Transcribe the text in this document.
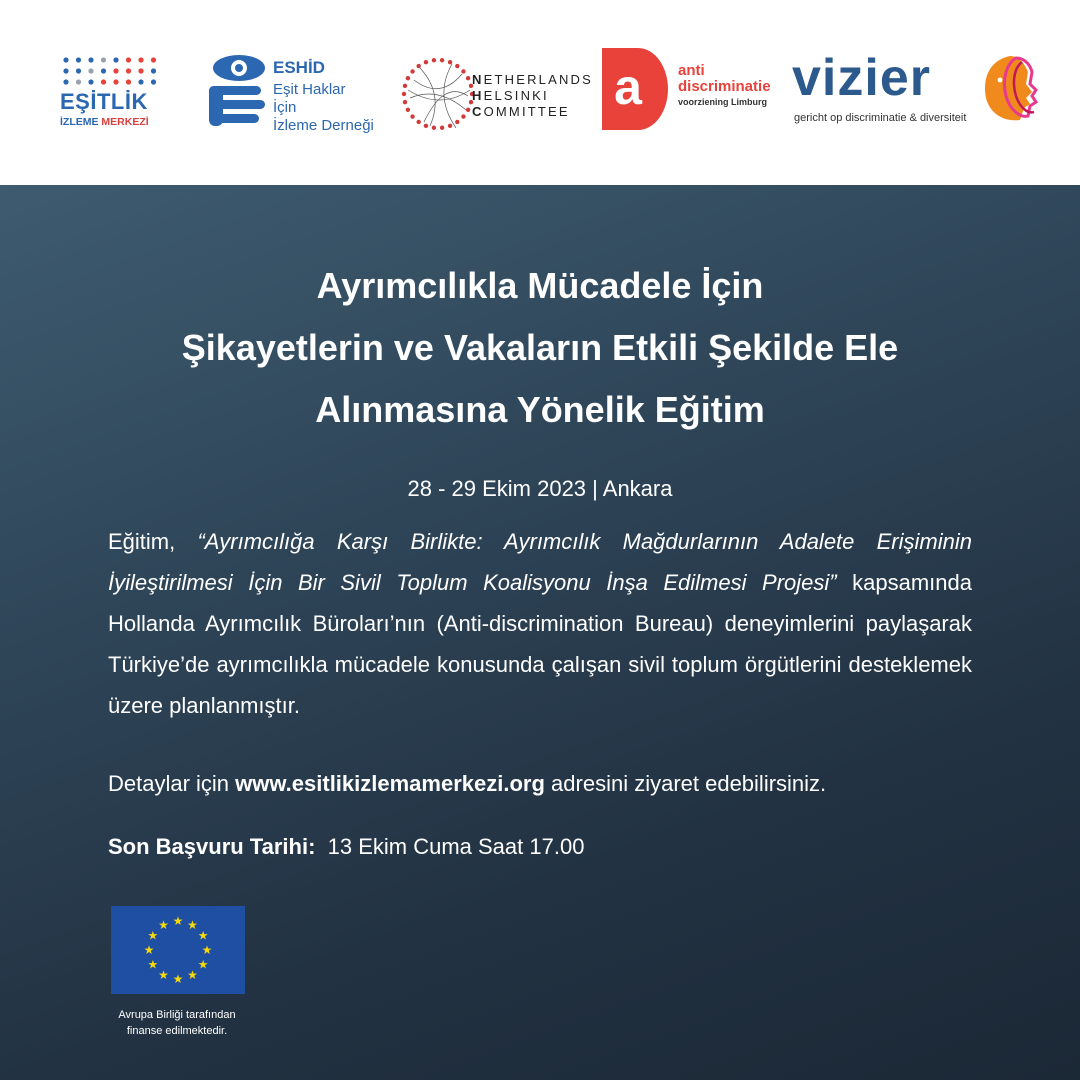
EŞİTLİK
İZLEME MERKEZİ
ESHİD
Eşit Haklar
İçin
İzleme Derneği
NETHERLANDS
HELSINKI
COMMITTEE a anti
discriminatie
voorziening Limburg vizier
gericht op discriminatie & diversiteit
Ayrımcılıkla Mücadele İçin
Şikayetlerin ve Vakaların Etkili Şekilde Ele
Alınmasına Yönelik Eğitim
28 - 29 Ekim 2023 | Ankara
Eğitim, “Ayrımcılığa Karşı Birlikte: Ayrımcılık Mağdurlarının Adalete Erişiminin İyileştirilmesi İçin Bir Sivil Toplum Koalisyonu İnşa Edilmesi Projesi” kapsamında Hollanda Ayrımcılık Büroları’nın (Anti-discrimination Bureau) deneyimlerini paylaşarak Türkiye’de ayrımcılıkla mücadele konusunda çalışan sivil toplum örgütlerini desteklemek üzere planlanmıştır.
Detaylar için www.esitlikizlemamerkezi.org adresini ziyaret edebilirsiniz.
Son Başvuru Tarihi:  13 Ekim Cuma Saat 17.00
★ ★
★
★
★
★
★
★
★
★
★
★
Avrupa Birliği tarafından
finanse edilmektedir.
